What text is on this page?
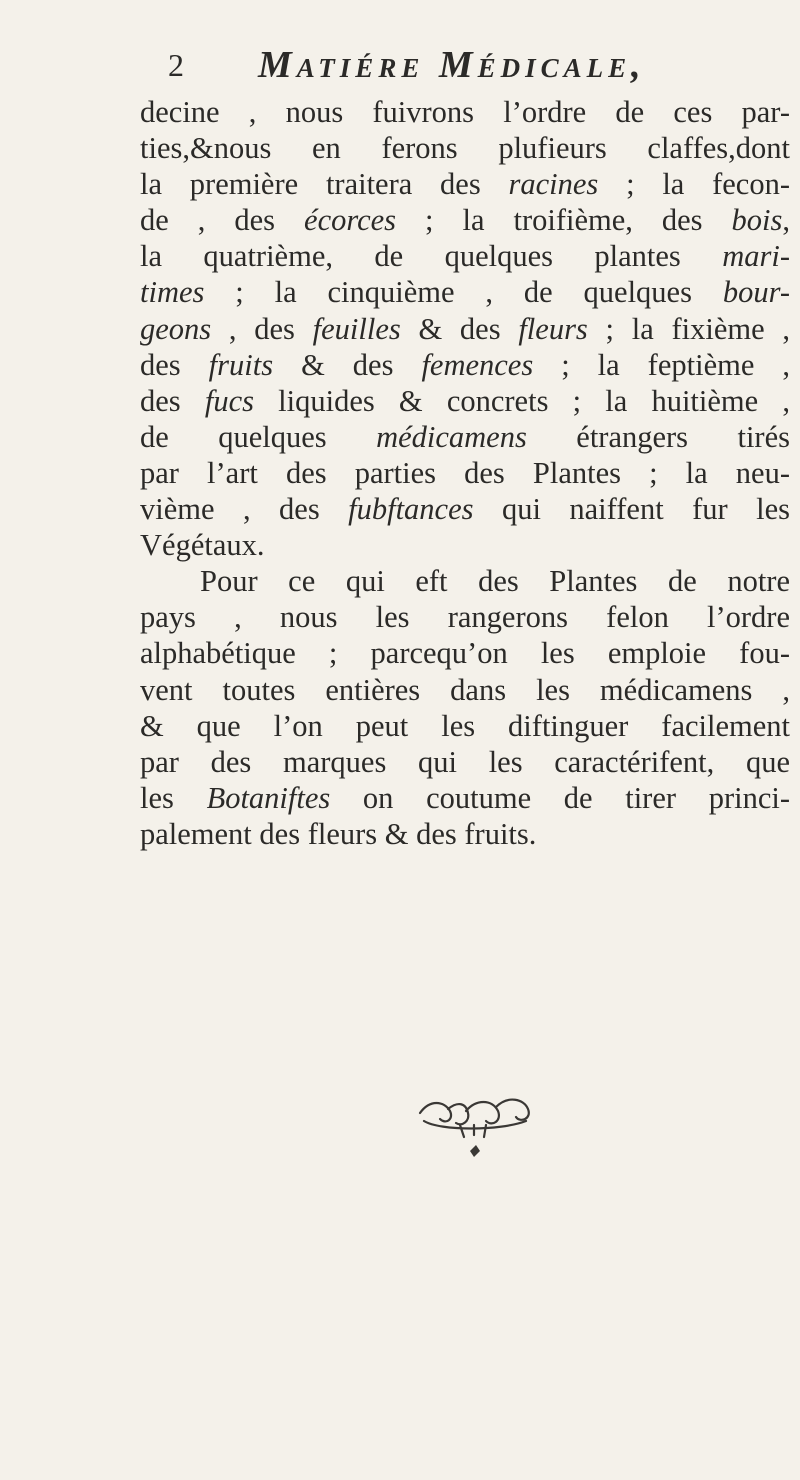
2 Matiére Médicale,
decine , nous fuivrons l’ordre de ces par-
ties,&nous en ferons plufieurs claffes,dont
la première traitera des racines ; la fecon-
de , des écorces ; la troifième, des bois,
la quatrième, de quelques plantes mari-
times ; la cinquième , de quelques bour-
geons , des feuilles & des fleurs ; la fixième ,
des fruits & des femences ; la feptième ,
des fucs liquides & concrets ; la huitième ,
de quelques médicamens étrangers tirés
par l’art des parties des Plantes ; la neu-
vième , des fubftances qui naiffent fur les
Végétaux.
Pour ce qui eft des Plantes de notre
pays , nous les rangerons felon l’ordre
alphabétique ; parcequ’on les emploie fou-
vent toutes entières dans les médicamens ,
& que l’on peut les diftinguer facilement
par des marques qui les caractérifent, que
les Botaniftes on coutume de tirer princi-
palement des fleurs & des fruits.
